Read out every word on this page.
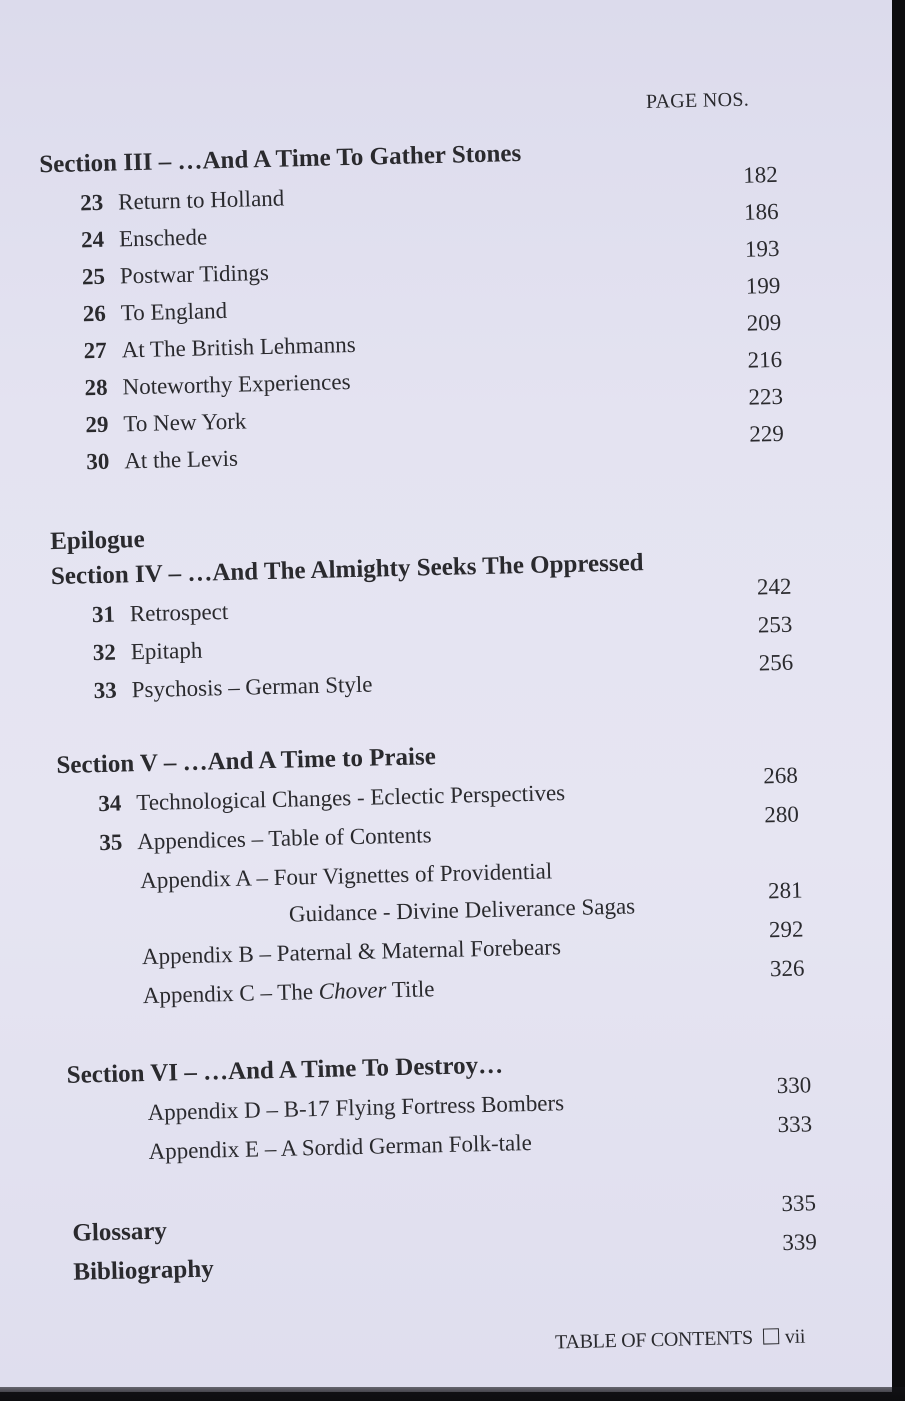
PAGE NOS.
Section III – …And A Time To Gather Stones
23 Return to Holland
182
24 Enschede
186
25 Postwar Tidings
193
26 To England
199
27 At The British Lehmanns
209
28 Noteworthy Experiences
216
29 To New York
223
30 At the Levis
229
Epilogue
Section IV – …And The Almighty Seeks The Oppressed
31 Retrospect
242
32 Epitaph
253
33 Psychosis – German Style
256
Section V – …And A Time to Praise
34 Technological Changes - Eclectic Perspectives
268
35 Appendices – Table of Contents
280
Appendix A – Four Vignettes of Providential
Guidance - Divine Deliverance Sagas
281
Appendix B – Paternal & Maternal Forebears
292
Appendix C – The Chover Title
326
Section VI – …And A Time To Destroy…
Appendix D – B-17 Flying Fortress Bombers
330
Appendix E – A Sordid German Folk-tale
333
Glossary
335
Bibliography
339
TABLE OF CONTENTS vii
